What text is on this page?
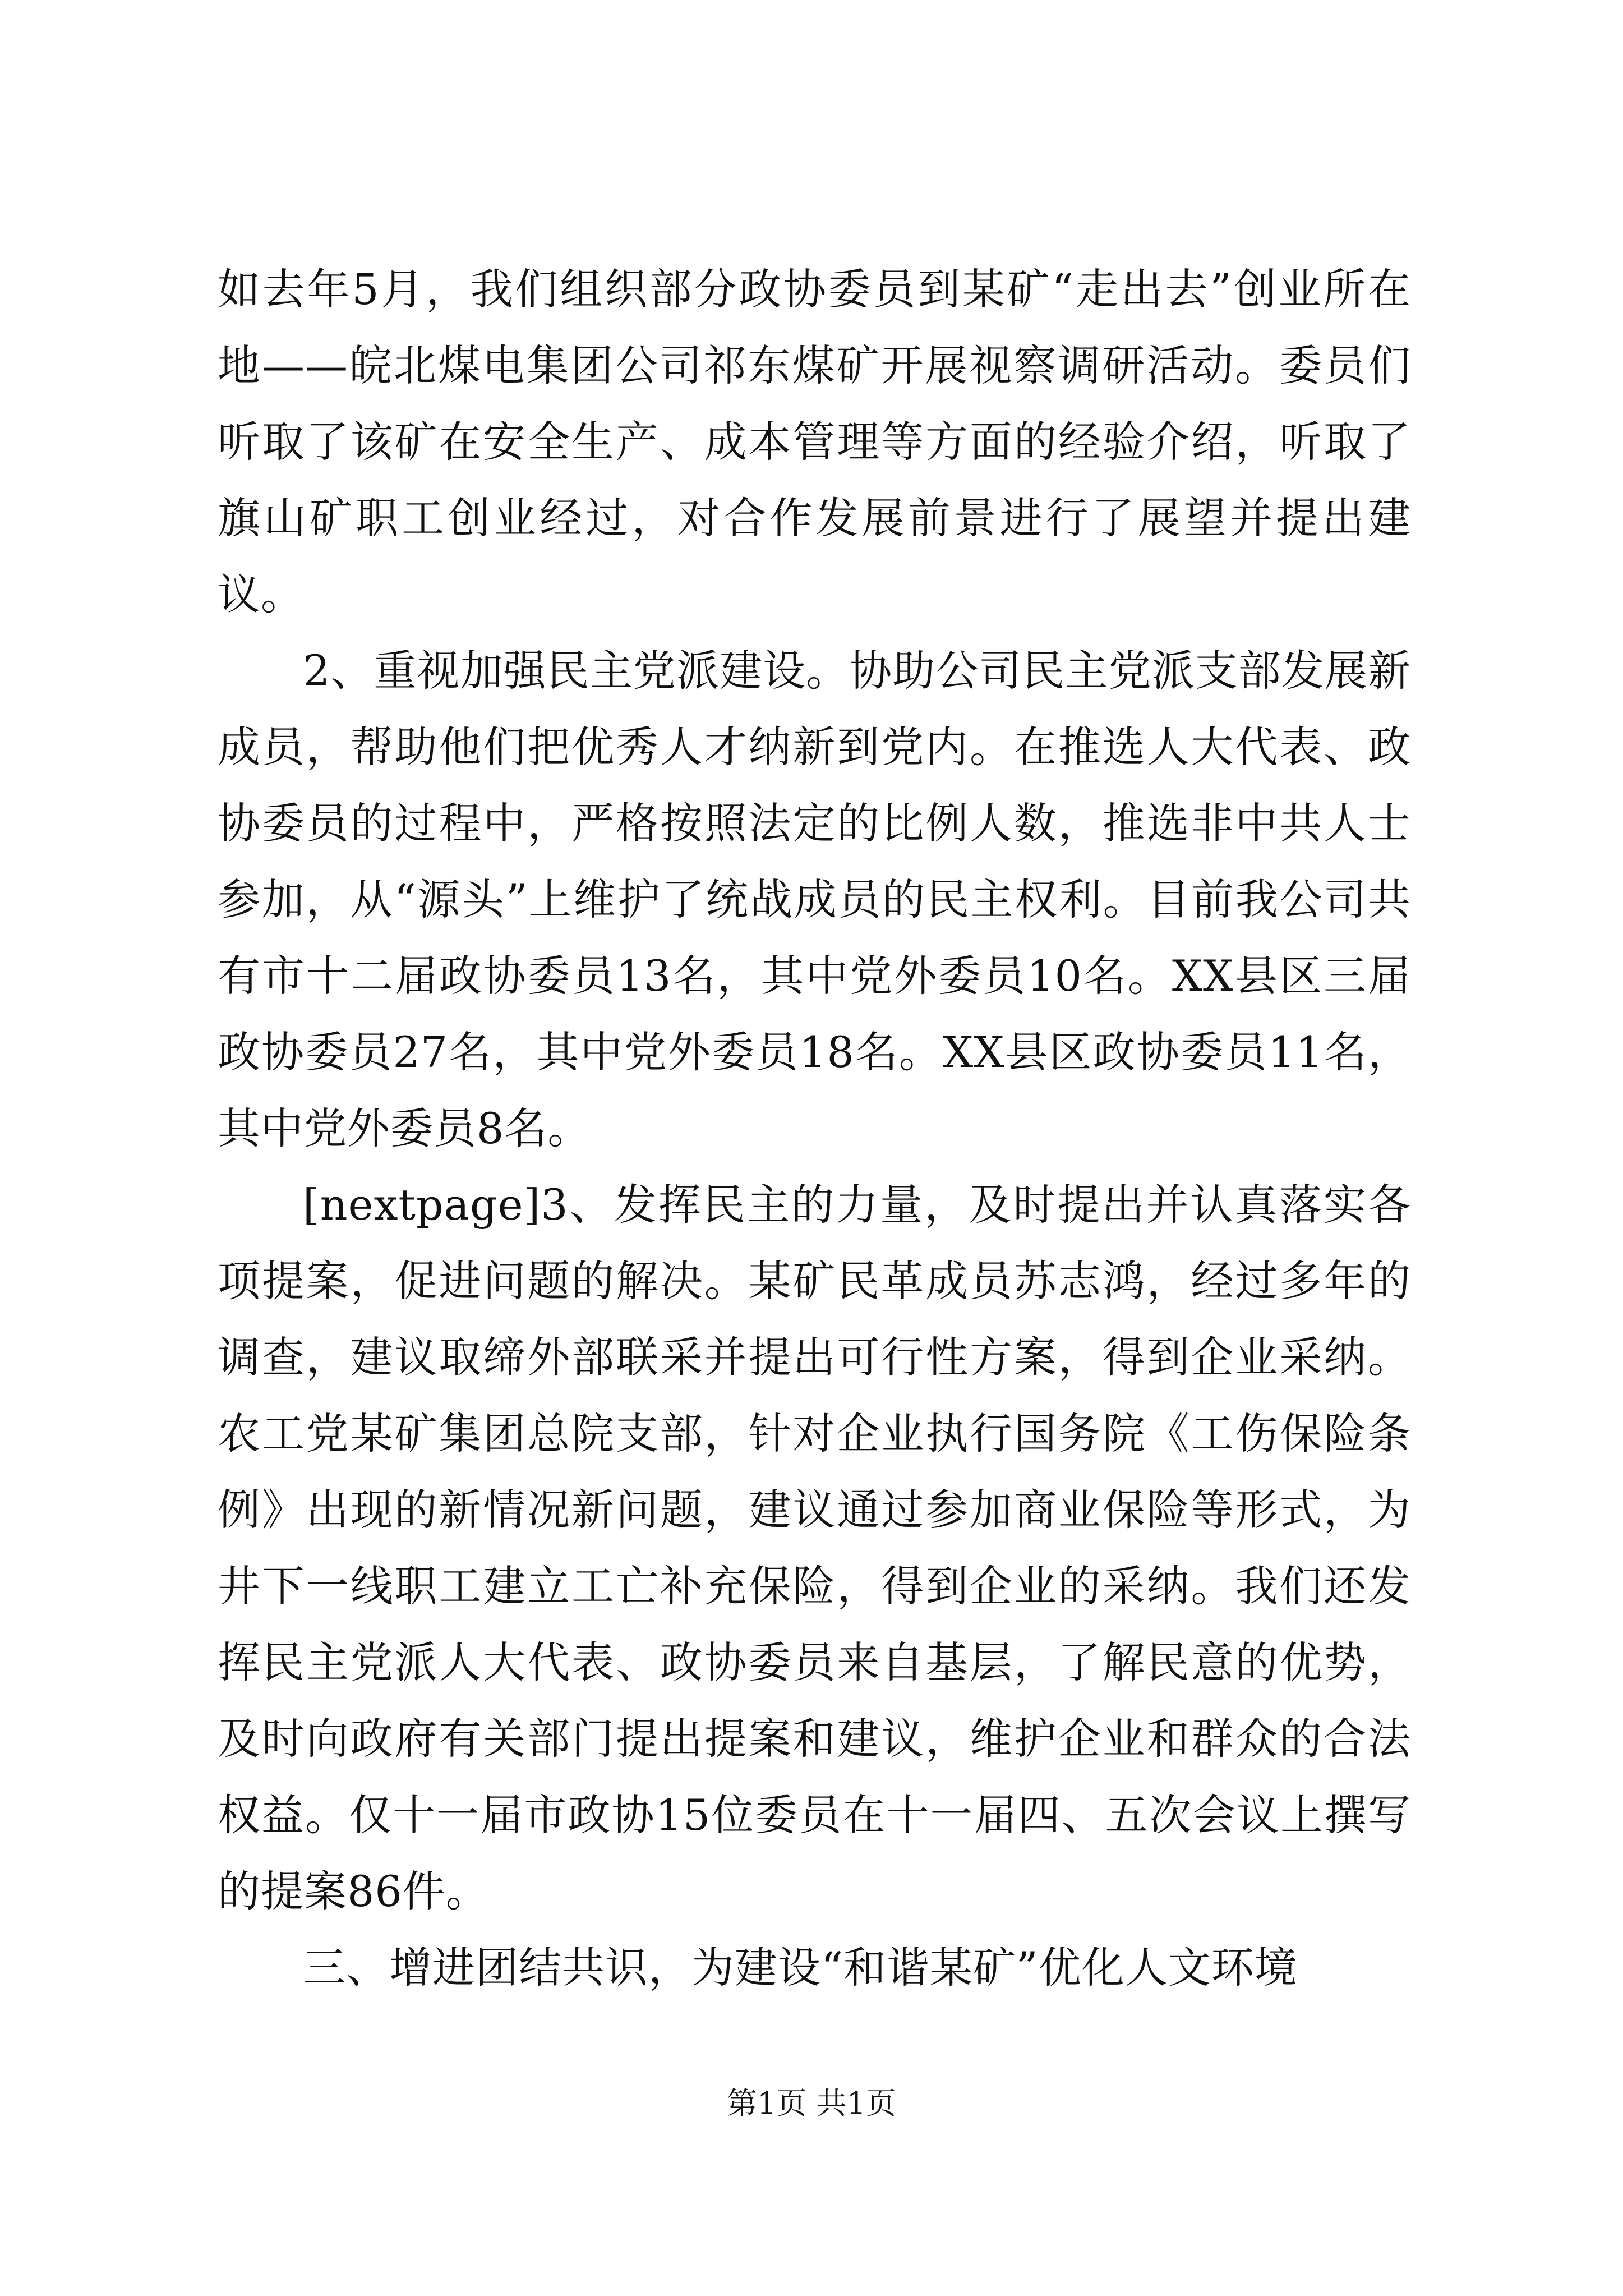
如去年5月，我们组织部分政协委员到某矿“走出去”创业所在地——皖北煤电集团公司祁东煤矿开展视察调研活动。委员们听取了该矿在安全生产、成本管理等方面的经验介绍，听取了旗山矿职工创业经过，对合作发展前景进行了展望并提出建议。

2、重视加强民主党派建设。协助公司民主党派支部发展新成员，帮助他们把优秀人才纳新到党内。在推选人大代表、政协委员的过程中，严格按照法定的比例人数，推选非中共人士参加，从“源头”上维护了统战成员的民主权利。目前我公司共有市十二届政协委员13名，其中党外委员10名。XX县区三届政协委员27名，其中党外委员18名。XX县区政协委员11名，其中党外委员8名。

[nextpage]3、发挥民主的力量，及时提出并认真落实各项提案，促进问题的解决。某矿民革成员苏志鸿，经过多年的调查，建议取缔外部联采并提出可行性方案，得到企业采纳。农工党某矿集团总院支部，针对企业执行国务院《工伤保险条例》出现的新情况新问题，建议通过参加商业保险等形式，为井下一线职工建立工亡补充保险，得到企业的采纳。我们还发挥民主党派人大代表、政协委员来自基层，了解民意的优势，及时向政府有关部门提出提案和建议，维护企业和群众的合法权益。仅十一届市政协15位委员在十一届四、五次会议上撰写的提案86件。

三、增进团结共识，为建设“和谐某矿”优化人文环境

第1页 共1页
